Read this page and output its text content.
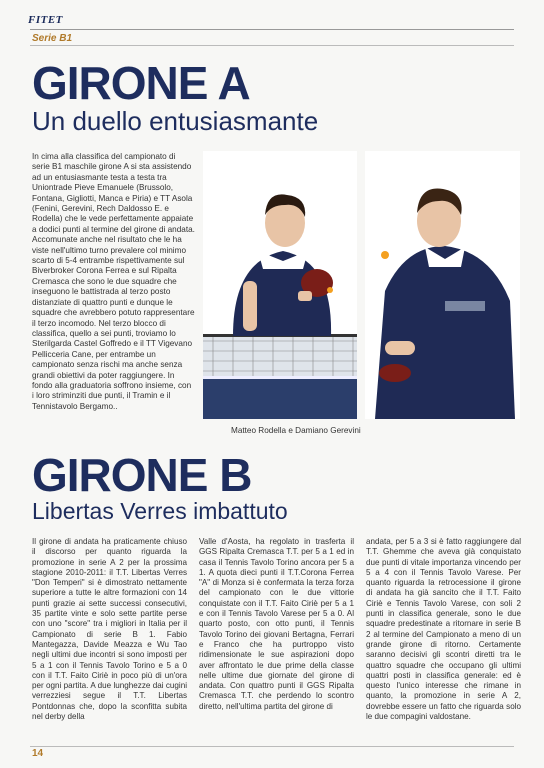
FITET
Serie B1
GIRONE A
Un duello entusiasmante
In cima alla classifica del campionato di serie B1 maschile girone A si sta assistendo ad un entusiasmante testa a testa tra Uniontrade Pieve Emanuele (Brussolo, Fontana, Gigliotti, Manca e Piria) e TT Asola (Fenini, Gerevini, Rech Daldosso E. e Rodella) che le vede perfettamente appaiate a dodici punti al termine del girone di andata. Accomunate anche nel risultato che le ha viste nell'ultimo turno prevalere col minimo scarto di 5-4 entrambe rispettivamente sul Biverbroker Corona Ferrea e sul Ripalta Cremasca che sono le due squadre che inseguono le battistrada al terzo posto distanziate di quattro punti e dunque le squadre che avrebbero potuto rappresentare il terzo incomodo. Nel terzo blocco di classifica, quello a sei punti, troviamo lo Sterilgarda Castel Goffredo e il TT Vigevano Pellicceria Cane, per entrambe un campionato senza rischi ma anche senza grandi obiettivi da poter raggiungere. In fondo alla graduatoria soffrono insieme, con i loro striminziti due punti, il Tramin e il Tennistavolo Bergamo..
Matteo Rodella e Damiano Gerevini
GIRONE B
Libertas Verres imbattuto
Il girone di andata ha praticamente chiuso il discorso per quanto riguarda la promozione in serie A 2 per la prossima stagione 2010-2011: il T.T. Libertas Verres "Don Temperi" si è dimostrato nettamente superiore a tutte le altre formazioni con 14 punti grazie ai sette successi consecutivi, 35 partite vinte e solo sette partite perse con uno "score" tra i migliori in Italia per il Campionato di serie B 1. Fabio Mantegazza, Davide Meazza e Wu Tao negli ultimi due incontri si sono imposti per 5 a 1 con il Tennis Tavolo Torino e 5 a 0 con il T.T. Faito Ciriè in poco più di un'ora per ogni partita. A due lunghezze dai cugini verrezziesi segue il T.T. Libertas Pontdonnas che, dopo la sconfitta subita nel derby della
Valle d'Aosta, ha regolato in trasferta il GGS Ripalta Cremasca T.T. per 5 a 1 ed in casa il Tennis Tavolo Torino ancora per 5 a 1. A quota dieci punti il T.T.Corona Ferrea "A" di Monza si è confermata la terza forza del campionato con le due vittorie conquistate con il T.T. Faito Ciriè per 5 a 1 e con il Tennis Tavolo Varese per 5 a 0. Al quarto posto, con otto punti, il Tennis Tavolo Torino dei giovani Bertagna, Ferrari e Franco che ha purtroppo visto ridimensionate le sue aspirazioni dopo aver affrontato le due prime della classe nelle ultime due giornate del girone di andata. Con quattro punti il GGS Ripalta Cremasca T.T. che perdendo lo scontro diretto, nell'ultima partita del girone di
andata, per 5 a 3 si è fatto raggiungere dal T.T. Ghemme che aveva già conquistato due punti di vitale importanza vincendo per 5 a 4 con il Tennis Tavolo Varese. Per quanto riguarda la retrocessione il girone di andata ha già sancito che il T.T. Faito Ciriè e Tennis Tavolo Varese, con soli 2 punti in classifica generale, sono le due squadre predestinate a ritornare in serie B 2 al termine del Campionato a meno di un grande girone di ritorno. Certamente saranno decisivi gli scontri diretti tra le quattro squadre che occupano gli ultimi quattri posti in classifica generale: ed è questo l'unico interesse che rimane in quanto, la promozione in serie A 2, dovrebbe essere un fatto che riguarda solo le due compagini valdostane.
14
